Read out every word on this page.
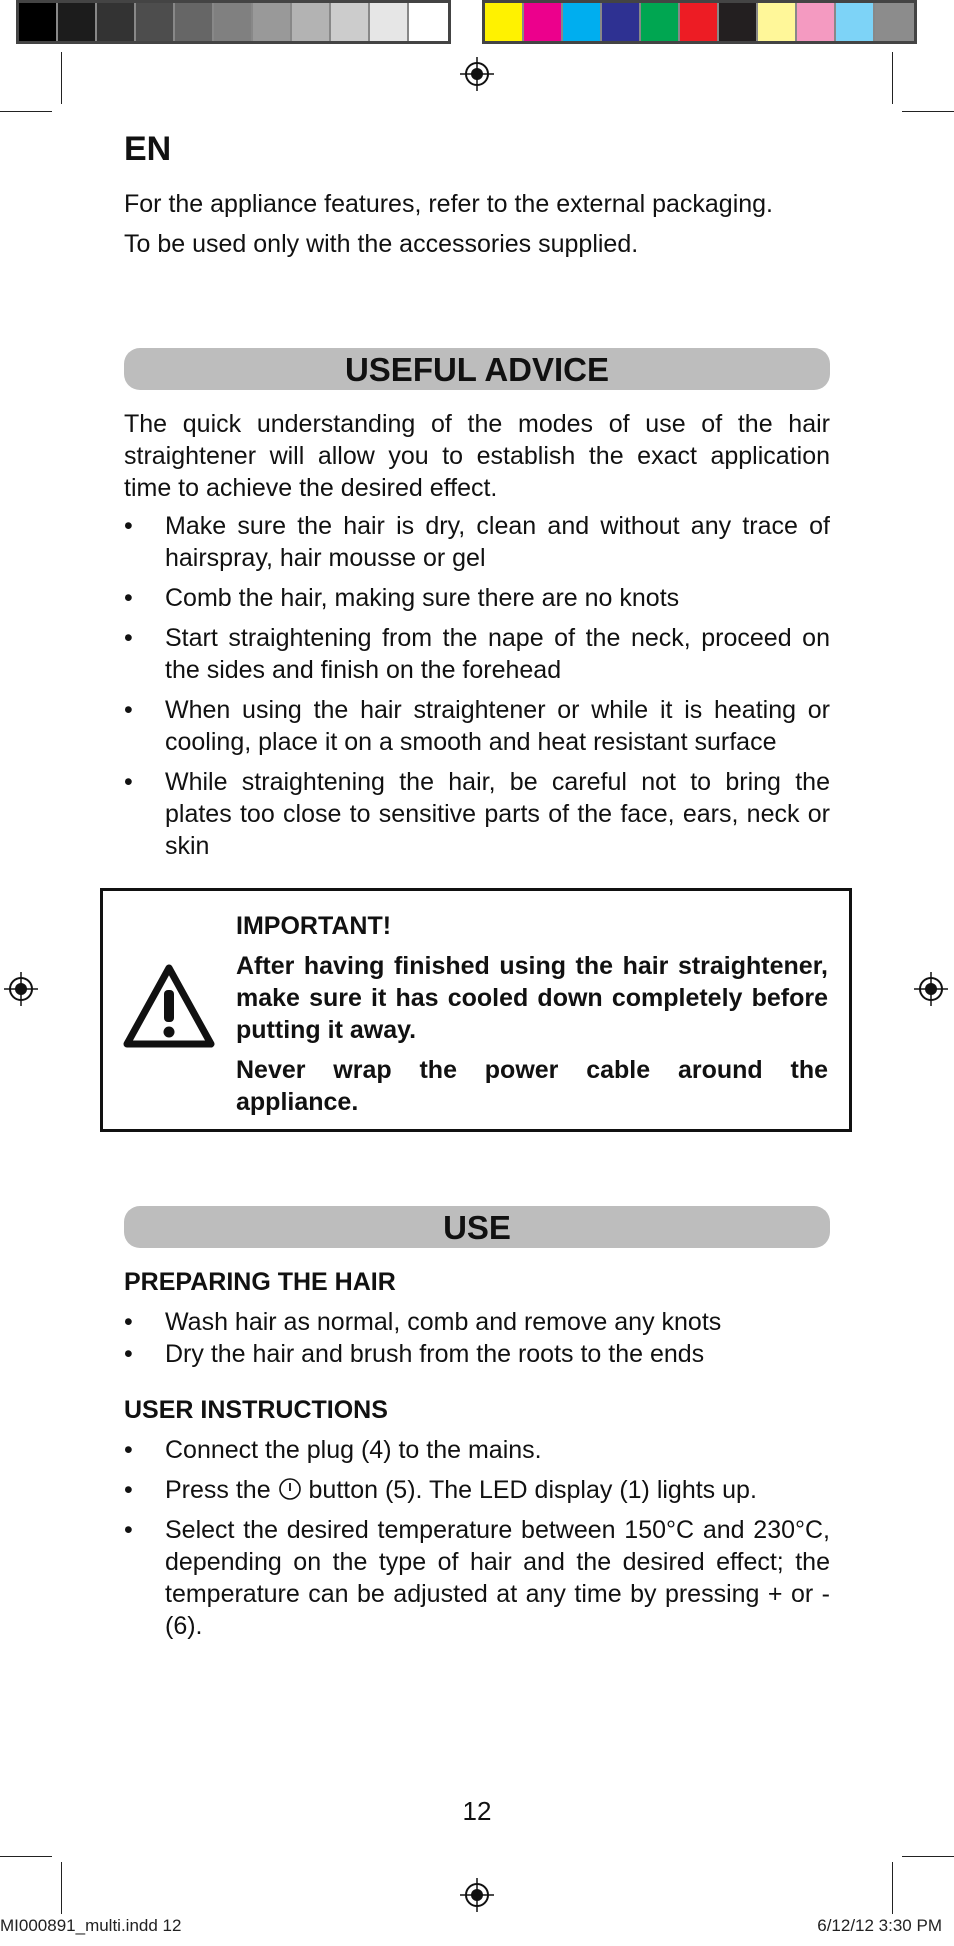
EN
For the appliance features, refer to the external packaging.
To be used only with the accessories supplied.
USEFUL ADVICE
The quick understanding of the modes of use of the hair straightener will allow you to establish the exact application time to achieve the desired effect.
• Make sure the hair is dry, clean and without any trace of hairspray, hair mousse or gel
• Comb the hair, making sure there are no knots
• Start straightening from the nape of the neck, proceed on the sides and finish on the forehead
• When using the hair straightener or while it is heating or cooling, place it on a smooth and heat resistant surface
• While straightening the hair, be careful not to bring the plates too close to sensitive parts of the face, ears, neck or skin
IMPORTANT!
After having finished using the hair straightener, make sure it has cooled down completely before putting it away.
Never wrap the power cable around the appliance.
USE
PREPARING THE HAIR
• Wash hair as normal, comb and remove any knots
• Dry the hair and brush from the roots to the ends
USER INSTRUCTIONS
• Connect the plug (4) to the mains.
• Press the  button (5). The LED display (1) lights up.
• Select the desired temperature between 150°C and 230°C, depending on the type of hair and the desired effect; the temperature can be adjusted at any time by pressing + or - (6).
12
MI000891_multi.indd 12	6/12/12 3:30 PM
